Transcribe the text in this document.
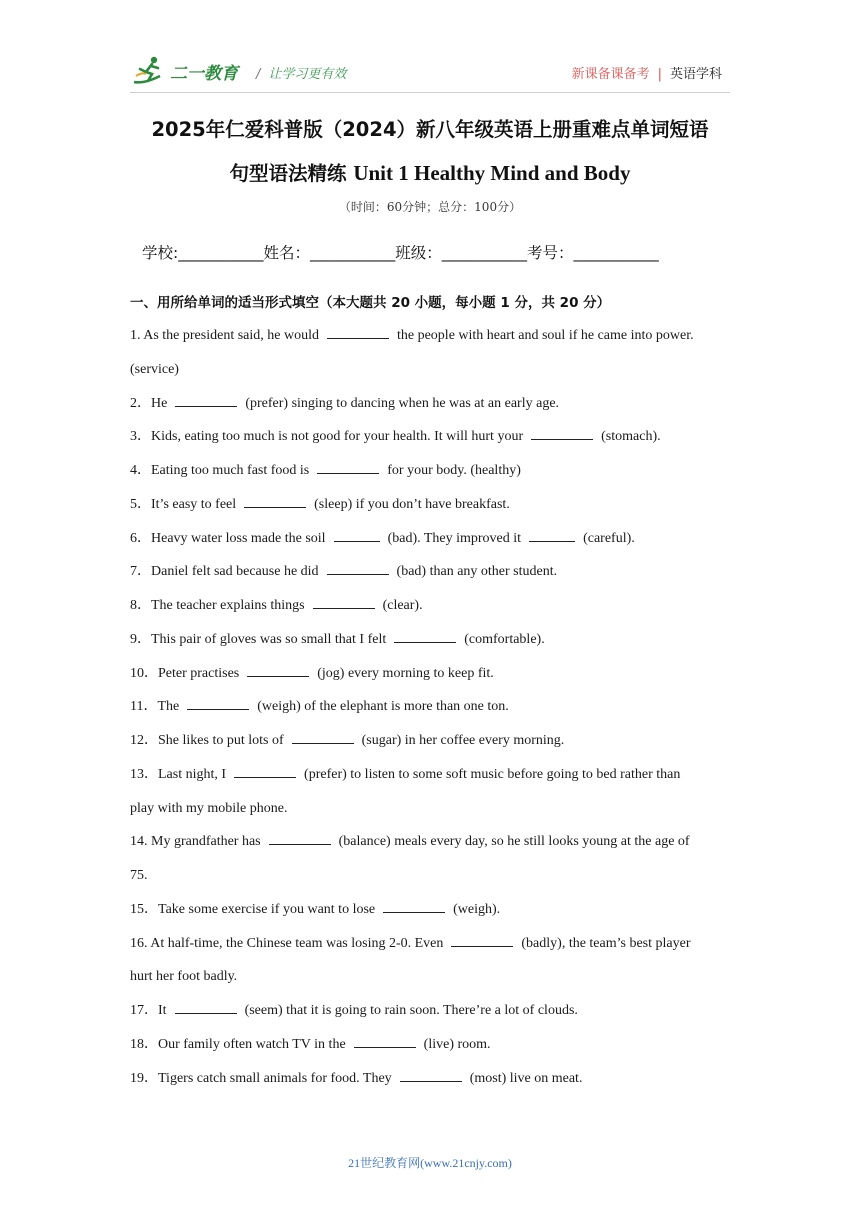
二一教育 / 让学习更有效	新课备课备考 | 英语学科
2025年仁爱科普版（2024）新八年级英语上册重难点单词短语
句型语法精练 Unit 1 Healthy Mind and Body
（时间：60分钟；总分：100分）
学校:___________姓名：___________班级：___________考号：___________
一、用所给单词的适当形式填空（本大题共 20 小题，每小题 1 分，共 20 分）
1. As the president said, he would	the people with heart and soul if he came into power.
(service)
2．He	(prefer) singing to dancing when he was at an early age.
3．Kids, eating too much is not good for your health. It will hurt your	(stomach).
4．Eating too much fast food is	for your body. (healthy)
5．It’s easy to feel	(sleep) if you don’t have breakfast.
6．Heavy water loss made the soil	(bad). They improved it	(careful).
7．Daniel felt sad because he did	(bad) than any other student.
8．The teacher explains things	(clear).
9．This pair of gloves was so small that I felt	(comfortable).
10．Peter practises	(jog) every morning to keep fit.
11．The	(weigh) of the elephant is more than one ton.
12．She likes to put lots of	(sugar) in her coffee every morning.
13．Last night, I	(prefer) to listen to some soft music before going to bed rather than
play with my mobile phone.
14. My grandfather has	(balance) meals every day, so he still looks young at the age of
75.
15．Take some exercise if you want to lose	(weigh).
16. At half-time, the Chinese team was losing 2-0. Even	(badly), the team’s best player
hurt her foot badly.
17．It	(seem) that it is going to rain soon. There’re a lot of clouds.
18．Our family often watch TV in the	(live) room.
19．Tigers catch small animals for food. They	(most) live on meat.
21世纪教育网(www.21cnjy.com)
